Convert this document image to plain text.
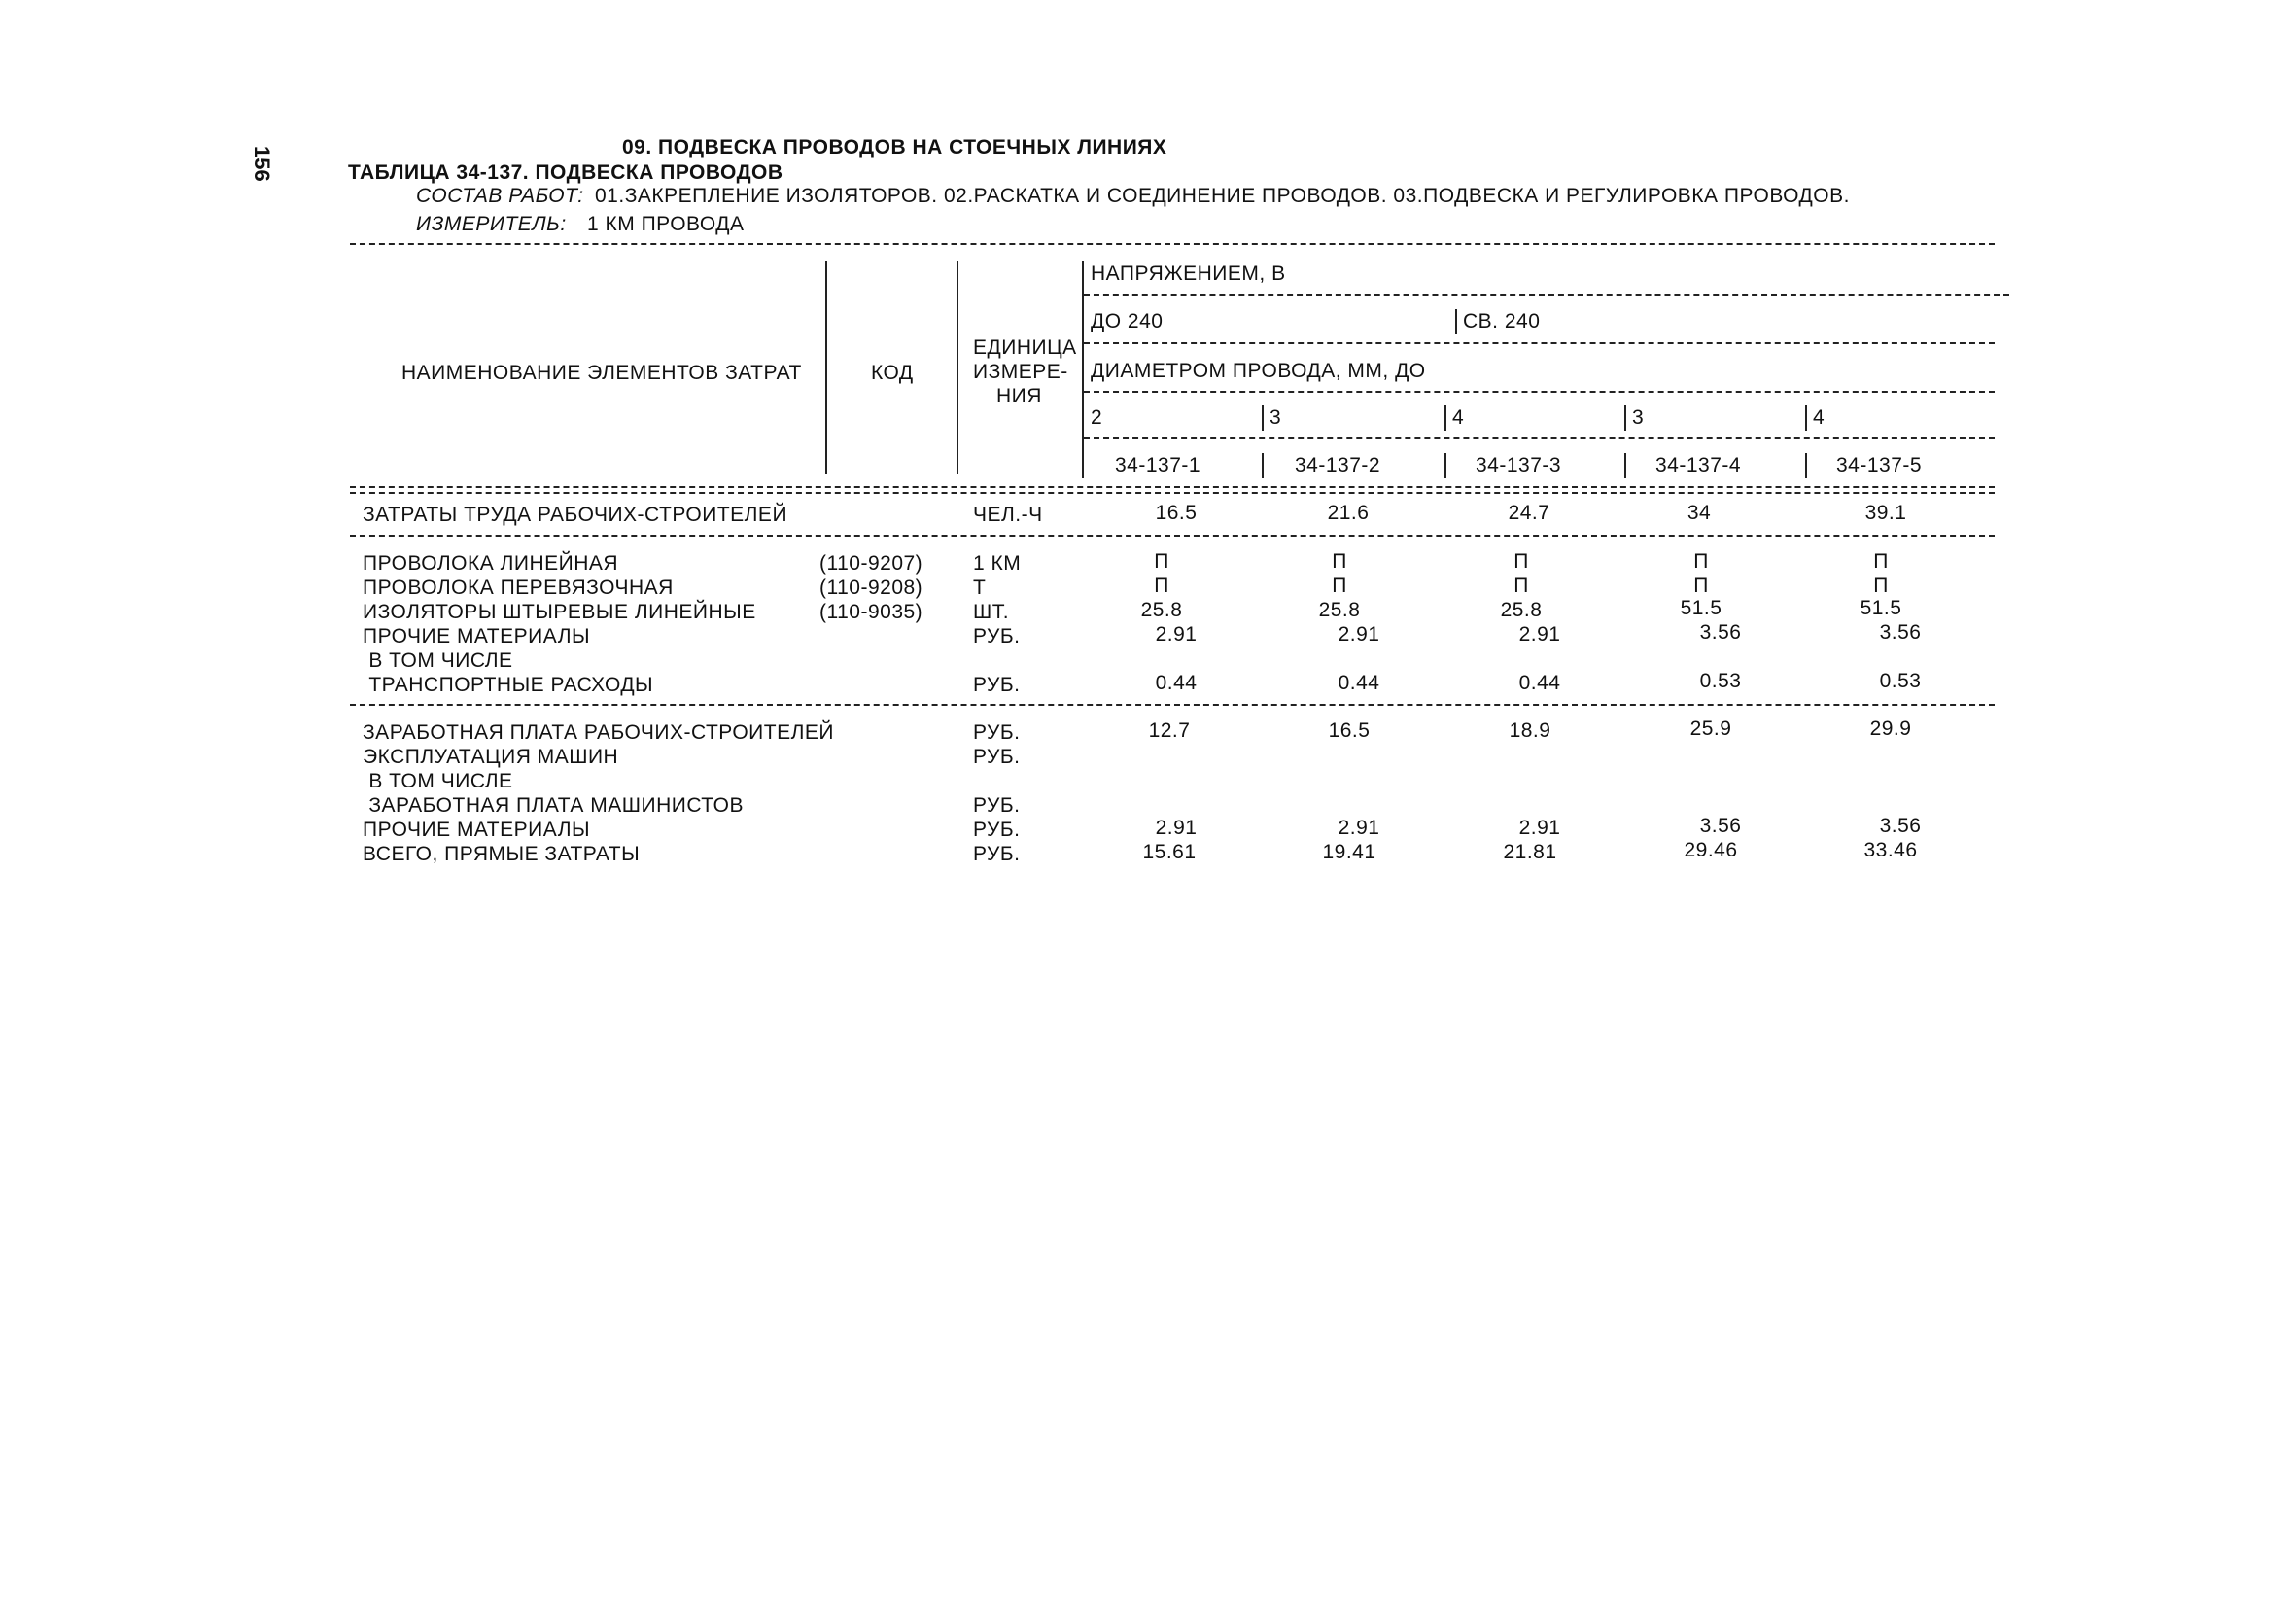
156	09. ПОДВЕСКА ПРОВОДОВ НА СТОЕЧНЫХ ЛИНИЯХ
ТАБЛИЦА 34-137. ПОДВЕСКА ПРОВОДОВ
СОСТАВ РАБОТ: 01.ЗАКРЕПЛЕНИЕ ИЗОЛЯТОРОВ. 02.РАСКАТКА И СОЕДИНЕНИЕ ПРОВОДОВ. 03.ПОДВЕСКА И РЕГУЛИРОВКА ПРОВОДОВ.
ИЗМЕРИТЕЛЬ: 1 КМ ПРОВОДА
НАИМЕНОВАНИЕ ЭЛЕМЕНТОВ ЗАТРАТ	КОД
ЕДИНИЦА
ИЗМЕРЕ-
НИЯ
НАПРЯЖЕНИЕМ, В
ДО 240	СВ. 240
ДИАМЕТРОМ ПРОВОДА, ММ, ДО
2	3	4	3	4
34-137-1	34-137-2	34-137-3	34-137-4	34-137-5
ЗАТРАТЫ ТРУДА РАБОЧИХ-СТРОИТЕЛЕЙ	ЧЕЛ.-Ч	16.5	21.6	24.7	34	39.1
ПРОВОЛОКА ЛИНЕЙНАЯ	(110-9207) 1 КМ	П	П	П	П	П
ПРОВОЛОКА ПЕРЕВЯЗОЧНАЯ	(110-9208) Т	П	П	П	П	П
ИЗОЛЯТОРЫ ШТЫРЕВЫЕ ЛИНЕЙНЫЕ	(110-9035) ШТ.	25.8	25.8	25.8	51.5	51.5
ПРОЧИЕ МАТЕРИАЛЫ	РУБ.	2.91	2.91	2.91	3.56	3.56
В ТОМ ЧИСЛЕ
ТРАНСПОРТНЫЕ РАСХОДЫ	РУБ.	0.44	0.44	0.44	0.53	0.53
ЗАРАБОТНАЯ ПЛАТА РАБОЧИХ-СТРОИТЕЛЕЙ	РУБ.	12.7	16.5	18.9	25.9	29.9
ЭКСПЛУАТАЦИЯ МАШИН	РУБ.
В ТОМ ЧИСЛЕ
ЗАРАБОТНАЯ ПЛАТА МАШИНИСТОВ	РУБ.
ПРОЧИЕ МАТЕРИАЛЫ	РУБ.	2.91	2.91	2.91	3.56	3.56
ВСЕГО, ПРЯМЫЕ ЗАТРАТЫ	РУБ.	15.61	19.41	21.81	29.46	33.46
